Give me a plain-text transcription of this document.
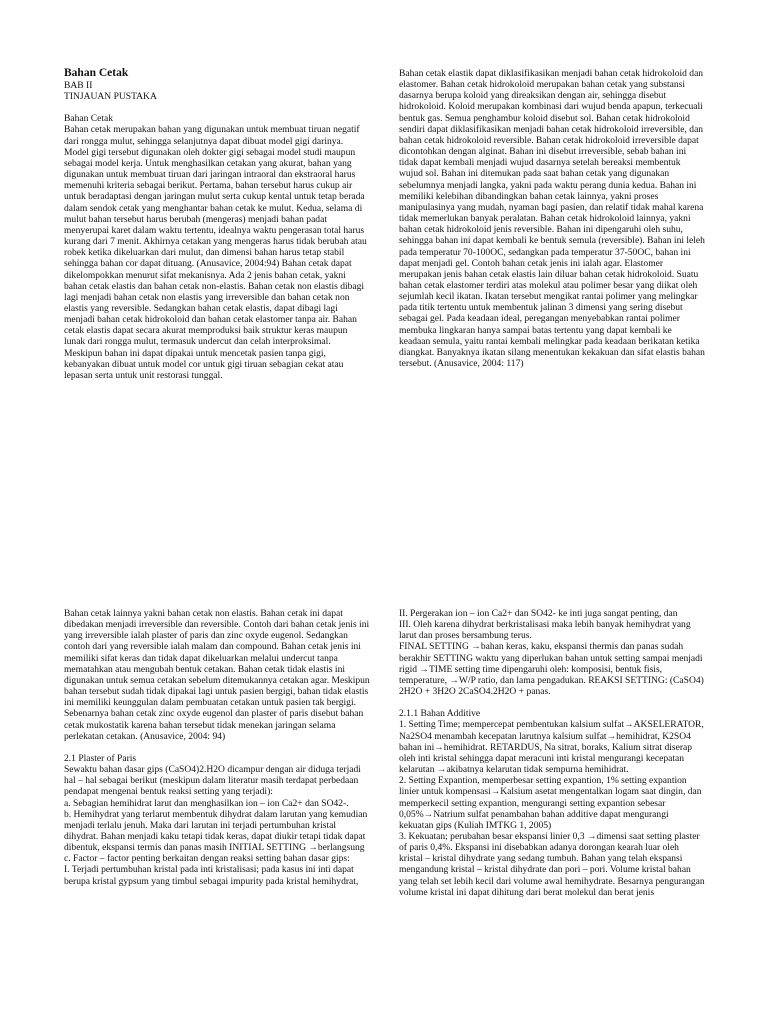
Bahan Cetak

BAB II

TINJAUAN PUSTAKA

Bahan Cetak

Bahan cetak merupakan bahan yang digunakan untuk membuat tiruan negatif dari rongga mulut, sehingga selanjutnya dapat dibuat model gigi darinya. Model gigi tersebut digunakan oleh dokter gigi sebagai model studi maupun sebagai model kerja. Untuk menghasilkan cetakan yang akurat, bahan yang digunakan untuk membuat tiruan dari jaringan intraoral dan ekstraoral harus memenuhi kriteria sebagai berikut. Pertama, bahan tersebut harus cukup air untuk beradaptasi dengan jaringan mulut serta cukup kental untuk tetap berada dalam sendok cetak yang menghantar bahan cetak ke mulut. Kedua, selama di mulut bahan tersebut harus berubah (mengeras) menjadi bahan padat menyerupai karet dalam waktu tertentu, idealnya waktu pengerasan total harus kurang dari 7 menit. Akhirnya cetakan yang mengeras harus tidak berubah atau robek ketika dikeluarkan dari mulut, dan dimensi bahan harus tetap stabil sehingga bahan cor dapat dituang. (Anusavice, 2004:94) Bahan cetak dapat dikelompokkan menurut sifat mekanisnya. Ada 2 jenis bahan cetak, yakni bahan cetak elastis dan bahan cetak non-elastis. Bahan cetak non elastis dibagi lagi menjadi bahan cetak non elastis yang irreversible dan bahan cetak non elastis yang reversible. Sedangkan bahan cetak elastis, dapat dibagi lagi menjadi bahan cetak hidrokoloid dan bahan cetak elastomer tanpa air. Bahan cetak elastis dapat secara akurat memproduksi baik struktur keras maupun lunak dari rongga mulut, termasuk undercut dan celah interproksimal. Meskipun bahan ini dapat dipakai untuk mencetak pasien tanpa gigi, kebanyakan dibuat untuk model cor untuk gigi tiruan sebagian cekat atau lepasan serta untuk unit restorasi tunggal.

Bahan cetak elastik dapat diklasifikasikan menjadi bahan cetak hidrokoloid dan elastomer. Bahan cetak hidrokoloid merupakan bahan cetak yang substansi dasarnya berupa koloid yang direaksikan dengan air, sehingga disebut hidrokoloid. Koloid merupakan kombinasi dari wujud benda apapun, terkecuali bentuk gas. Semua penghambur koloid disebut sol. Bahan cetak hidrokoloid sendiri dapat diklasifikasikan menjadi bahan cetak hidrokoloid irreversible, dan bahan cetak hidrokoloid reversible. Bahan cetak hidrokoloid irreversible dapat dicontohkan dengan alginat. Bahan ini disebut irreversible, sebab bahan ini tidak dapat kembali menjadi wujud dasarnya setelah bereaksi membentuk wujud sol. Bahan ini ditemukan pada saat bahan cetak yang digunakan sebelumnya menjadi langka, yakni pada waktu perang dunia kedua. Bahan ini memiliki kelebihan dibandingkan bahan cetak lainnya, yakni proses manipulasinya yang mudah, nyaman bagi pasien, dan relatif tidak mahal karena tidak memerlukan banyak peralatan. Bahan cetak hidrokoloid lainnya, yakni bahan cetak hidrokoloid jenis reversible. Bahan ini dipengaruhi oleh suhu, sehingga bahan ini dapat kembali ke bentuk semula (reversible). Bahan ini leleh pada temperatur 70-100OC, sedangkan pada temperatur 37-50OC, bahan ini dapat menjadi gel. Contoh bahan cetak jenis ini ialah agar. Elastomer merupakan jenis bahan cetak elastis lain diluar bahan cetak hidrokoloid. Suatu bahan cetak elastomer terdiri atas molekul atau polimer besar yang diikat oleh sejumlah kecil ikatan. Ikatan tersebut mengikat rantai polimer yang melingkar pada titik tertentu untuk membentuk jalinan 3 dimensi yang sering disebut sebagai gel. Pada keadaan ideal, peregangan menyebabkan rantai polimer membuka lingkaran hanya sampai batas tertentu yang dapat kembali ke keadaan semula, yaitu rantai kembali melingkar pada keadaan berikatan ketika diangkat. Banyaknya ikatan silang menentukan kekakuan dan sifat elastis bahan tersebut. (Anusavice, 2004: 117)

Bahan cetak lainnya yakni bahan cetak non elastis. Bahan cetak ini dapat dibedakan menjadi irreversible dan reversible. Contoh dari bahan cetak jenis ini yang irreversible ialah plaster of paris dan zinc oxyde eugenol. Sedangkan contoh dari yang reversible ialah malam dan compound. Bahan cetak jenis ini memiliki sifat keras dan tidak dapat dikeluarkan melalui undercut tanpa mematahkan atau mengubah bentuk cetakan. Bahan cetak tidak elastis ini digunakan untuk semua cetakan sebelum ditemukannya cetakan agar. Meskipun bahan tersebut sudah tidak dipakai lagi untuk pasien bergigi, bahan tidak elastis ini memiliki keunggulan dalam pembuatan cetakan untuk pasien tak bergigi. Sebenarnya bahan cetak zinc oxyde eugenol dan plaster of paris disebut bahan cetak mukostatik karena bahan tersebut tidak menekan jaringan selama perlekatan cetakan. (Anusavice, 2004: 94)

2.1 Plaster of Paris

Sewaktu bahan dasar gips (CaSO4)2.H2O dicampur dengan air diduga terjadi hal – hal sebagai berikut (meskipun dalam literatur masih terdapat perbedaan pendapat mengenai bentuk reaksi setting yang terjadi):

a. Sebagian hemihidrat larut dan menghasilkan ion – ion Ca2+ dan SO42-.

b. Hemihydrat yang terlarut membentuk dihydrat dalam larutan yang kemudian menjadi terlalu jenuh. Maka dari larutan ini terjadi pertumbuhan kristal dihydrat. Bahan menjadi kaku tetapi tidak keras, dapat diukir tetapi tidak dapat dibentuk, ekspansi termis dan panas masih INITIAL SETTING →berlangsung

c. Factor – factor penting berkaitan dengan reaksi setting bahan dasar gips:

I. Terjadi pertumbuhan kristal pada inti kristalisasi; pada kasus ini inti dapat berupa kristal gypsum yang timbul sebagai impurity pada kristal hemihydrat,

II. Pergerakan ion – ion Ca2+ dan SO42- ke inti juga sangat penting, dan

III. Oleh karena dihydrat berkristalisasi maka lebih banyak hemihydrat yang larut dan proses bersambung terus.

FINAL SETTING →bahan keras, kaku, ekspansi thermis dan panas sudah berakhir SETTING waktu yang diperlukan bahan untuk setting sampai menjadi rigid →TIME setting time dipengaruhi oleh: komposisi, bentuk fisis, temperature, →W/P ratio, dan lama pengadukan. REAKSI SETTING: (CaSO4) 2H2O + 3H2O 2CaSO4.2H2O + panas.

2.1.1 Bahan Additive

1. Setting Time; mempercepat pembentukan kalsium sulfat→AKSELERATOR, Na2SO4 menambah kecepatan larutnya kalsium sulfat→hemihidrat, K2SO4 bahan ini→hemihidrat. RETARDUS, Na sitrat, boraks, Kalium sitrat diserap oleh inti kristal sehingga dapat meracuni inti kristal mengurangi kecepatan kelarutan →akibatnya kelarutan tidak sempurna hemihidrat.

2. Setting Expantion, memperbesar setting expantion, 1% setting expantion linier untuk kompensasi→Kalsium asetat mengentalkan logam saat dingin, dan memperkecil setting expantion, mengurangi setting expantion sebesar 0,05%→Natrium sulfat penambahan bahan additive dapat mengurangi kekuatan gips (Kuliah IMTKG 1, 2005)

3. Kekuatan; perubahan besar ekspansi linier 0,3 →dimensi saat setting plaster of paris 0,4%. Ekspansi ini disebabkan adanya dorongan kearah luar oleh kristal – kristal dihydrate yang sedang tumbuh. Bahan yang telah ekspansi mengandung kristal – kristal dihydrate dan pori – pori. Volume kristal bahan yang telah set lebih kecil dari volume awal hemihydrate. Besarnya pengurangan volume kristal ini dapat dihitung dari berat molekul dan berat jenis
